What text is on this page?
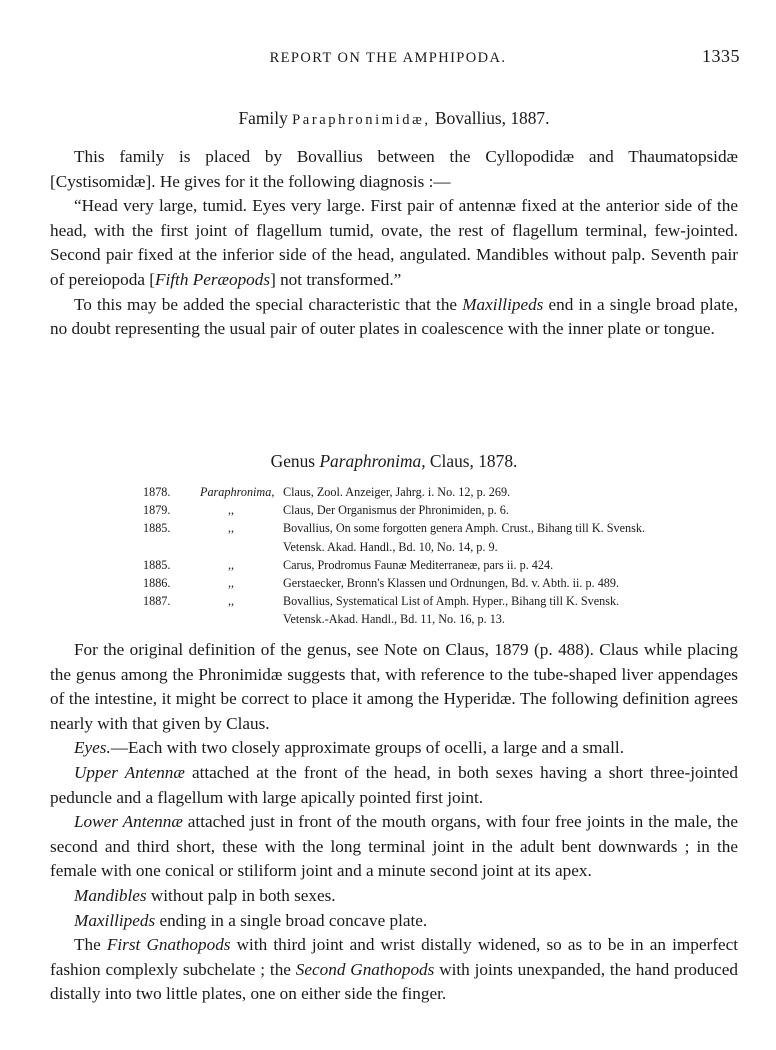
REPORT ON THE AMPHIPODA.	1335
Family Paraphronimidæ, Bovallius, 1887.

This family is placed by Bovallius between the Cyllopodidæ and Thaumatopsidæ

[Cystisomidæ]. He gives for it the following diagnosis :—

“Head very large, tumid. Eyes very large. First pair of antennæ fixed at the anterior side of the head, with the first joint of flagellum tumid, ovate, the rest of flagellum terminal, few-jointed. Second pair fixed at the inferior side of the head, angulated. Mandibles without palp. Seventh pair of pereiopoda [Fifth Peræopods] not transformed.”

To this may be added the special characteristic that the Maxillipeds end in a single broad plate, no doubt representing the usual pair of outer plates in coalescence with the inner plate or tongue.

Genus Paraphronima, Claus, 1878.
1878.	Paraphronima, Claus, Zool. Anzeiger, Jahrg. i. No. 12, p. 269.
1879.	,,	Claus, Der Organismus der Phronimiden, p. 6.
1885.	,,	Bovallius, On some forgotten genera Amph. Crust., Bihang till K. Svensk.
Vetensk. Akad. Handl., Bd. 10, No. 14, p. 9.
1885.	,,	Carus, Prodromus Faunæ Mediterraneæ, pars ii. p. 424.
1886.	,,	Gerstaecker, Bronn's Klassen und Ordnungen, Bd. v. Abth. ii. p. 489.
1887.	,,	Bovallius, Systematical List of Amph. Hyper., Bihang till K. Svensk.
Vetensk.-Akad. Handl., Bd. 11, No. 16, p. 13.

For the original definition of the genus, see Note on Claus, 1879 (p. 488). Claus while placing the genus among the Phronimidæ suggests that, with reference to the tube-shaped liver appendages of the intestine, it might be correct to place it among the Hyperidæ. The following definition agrees nearly with that given by Claus.

Eyes.—Each with two closely approximate groups of ocelli, a large and a small.

Upper Antennæ attached at the front of the head, in both sexes having a short three-jointed peduncle and a flagellum with large apically pointed first joint.

Lower Antennæ attached just in front of the mouth organs, with four free joints in the male, the second and third short, these with the long terminal joint in the adult bent downwards ; in the female with one conical or stiliform joint and a minute second joint at its apex.

Mandibles without palp in both sexes.

Maxillipeds ending in a single broad concave plate.

The First Gnathopods with third joint and wrist distally widened, so as to be in an imperfect fashion complexly subchelate ; the Second Gnathopods with joints unexpanded, the hand produced distally into two little plates, one on either side the finger.
